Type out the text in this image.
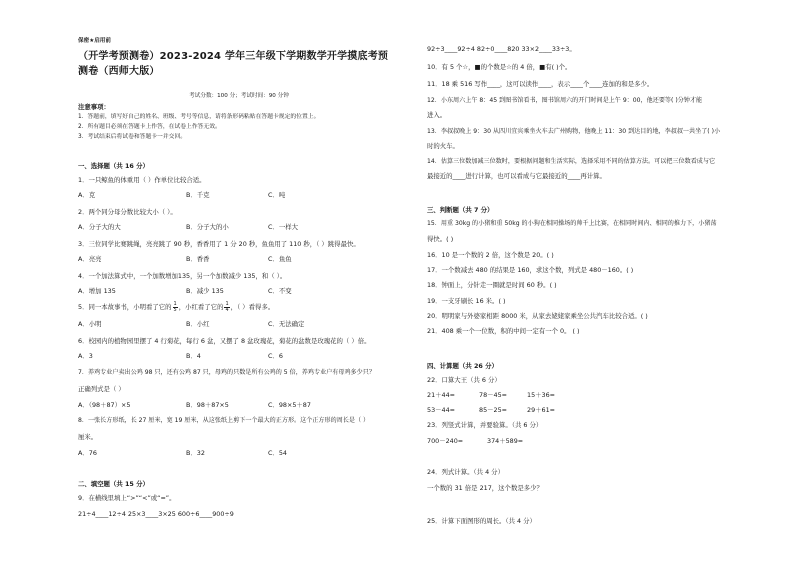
保密★启用前
（开学考预测卷）2023-2024 学年三年级下学期数学开学摸底考预测卷（西师大版）
考试分数：100 分；考试时间：90 分钟
注意事项：
1．答题前，填写好自己的姓名、班级、考号等信息，请将条形码粘贴在答题卡规定的位置上。
2．所有题目必须在答题卡上作答，在试卷上作答无效。
3．考试结束后将试卷和答题卡一并交回。
一、选择题（共 16 分）
1．一只鲸鱼的体重用（ ）作单位比较合适。
A．克	B．千克	C．吨
2．两个同分母分数比较大小（ ）。
A．分子大的大	B．分子大的小	C．一样大
3．三位同学比赛跳绳，亮亮跳了 90 秒，香香用了 1 分 20 秒，鱼鱼用了 110 秒，（ ）跳得最快。
A．亮亮	B．香香	C．鱼鱼
4．一个加法算式中，一个加数增加135，另一个加数减少 135，和（ ）。
A．增加 135	B．减少 135	C．不变
5．同一本故事书，小明看了它的 $\frac{1}{5}$ ，小红看了它的 $\frac{1}{4}$ ，（ ）看得多。
A．小明	B．小红	C．无法确定
6．校园内的植物园里摆了 4 行菊花，每行 6 盆，又摆了 8 盆玫瑰花，菊花的盆数是玫瑰花的（ ）倍。
A．3	B．4	C．6
7．养鸡专业户卖出公鸡 98 只，还有公鸡 87 只，母鸡的只数是所有公鸡的 5 倍，养鸡专业户有母鸡多少只？
正确列式是（ ）
A．（98＋87）×5	B．98＋87×5	C．98×5＋87
8．一张长方形纸，长 27 厘米，宽 19 厘米，从这张纸上剪下一个最大的正方形。这个正方形的周长是（ ）
厘米。
A．76	B．32	C．54
二、填空题（共 15 分）
9．在横线里填上“>”“<”或“=”。
21÷4____12÷4 25×3____3×25 600÷6____900÷9
92÷3____92÷4 82÷0____820 33×2____33÷3。
10．有 5 个☆，■的个数是☆的 4 倍，■有( )个。
11．18 乘 516 写作____，这可以读作____，表示____个____连加的和是多少。
12．小东周六上午 8：45 到图书馆看书，图书馆周六的开门时间是上午 9：00，他还要等( )分钟才能
进入。
13．李叔叔晚上 9：30 从四川宜宾乘坐火车去广州购物，他晚上 11：30 到达目的地，李叔叔一共坐了( )小
时的火车。
14．估算三位数加减三位数时，要根据问题和生活实际，选择采用不同的估算方法。可以把三位数看成与它
最接近的____进行计算，也可以看成与它最接近的____再计算。
三、判断题（共 7 分）
15．用重 30kg 的小猪和重 50kg 的小狗在相同操场的帅千上比赛，在相同时间内、相同的推力下，小猪荡
得快。( )
16．10 是一个数的 2 倍，这个数是 20。( )
17．一个数减去 480 的结果是 160，求这个数，列式是 480－160。( )
18．钟面上，分针走一圈就是时间 60 秒。( )
19．一支牙刷长 16 米。( )
20．明明家与外婆家相距 8000 米，从家去姥姥家乘坐公共汽车比较合适。( )
21．408 乘一个一位数，积的中间一定有一个 0。 ( )
四、计算题（共 26 分）
22．口算大王（共 6 分）
21＋44=	78－45=	15＋36=
53－44=	85－25=	29＋61=
23．列竖式计算，并要验算。（共 6 分）
700－240=	374＋589=
24．列式计算。（共 4 分）
一个数的 31 倍是 217，这个数是多少？
25．计算下面图形的周长。（共 4 分）
